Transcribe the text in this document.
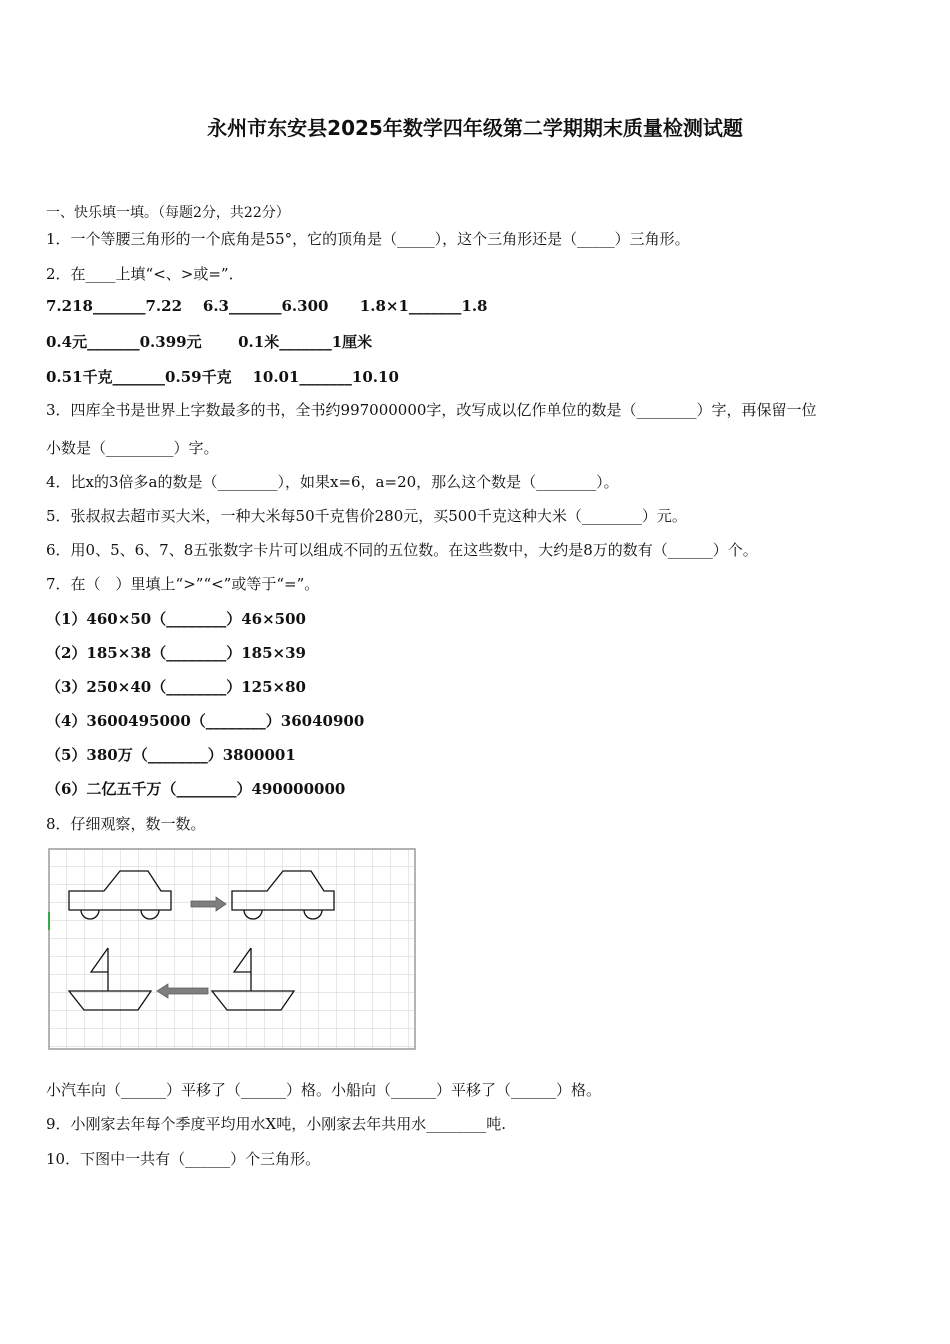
永州市东安县2025年数学四年级第二学期期末质量检测试题
一、快乐填一填。（每题2分，共22分）
1．一个等腰三角形的一个底角是55°，它的顶角是（_____），这个三角形还是（_____）三角形。
2．在____上填“<、>或=”．
7.218_______7.22    6.3_______6.300      1.8×1_______1.8
0.4元_______0.399元       0.1米_______1厘米
0.51千克_______0.59千克    10.01_______10.10
3．四库全书是世界上字数最多的书，全书约997000000字，改写成以亿作单位的数是（________）字，再保留一位
小数是（_________）字。
4．比x的3倍多a的数是（________），如果x=6，a=20，那么这个数是（________）。
5．张叔叔去超市买大米，一种大米每50千克售价280元，买500千克这种大米（________）元。
6．用0、5、6、7、8五张数字卡片可以组成不同的五位数。在这些数中，大约是8万的数有（______）个。
7．在（　）里填上“>”“<”或等于“=”。
（1）460×50（________）46×500
（2）185×38（________）185×39
（3）250×40（________）125×80
（4）3600495000（________）36040900
（5）380万（________）3800001
（6）二亿五千万（________）490000000
8．仔细观察，数一数。
小汽车向（______）平移了（______）格。小船向（______）平移了（______）格。
9．小刚家去年每个季度平均用水X吨，小刚家去年共用水________吨.
10．下图中一共有（______）个三角形。
